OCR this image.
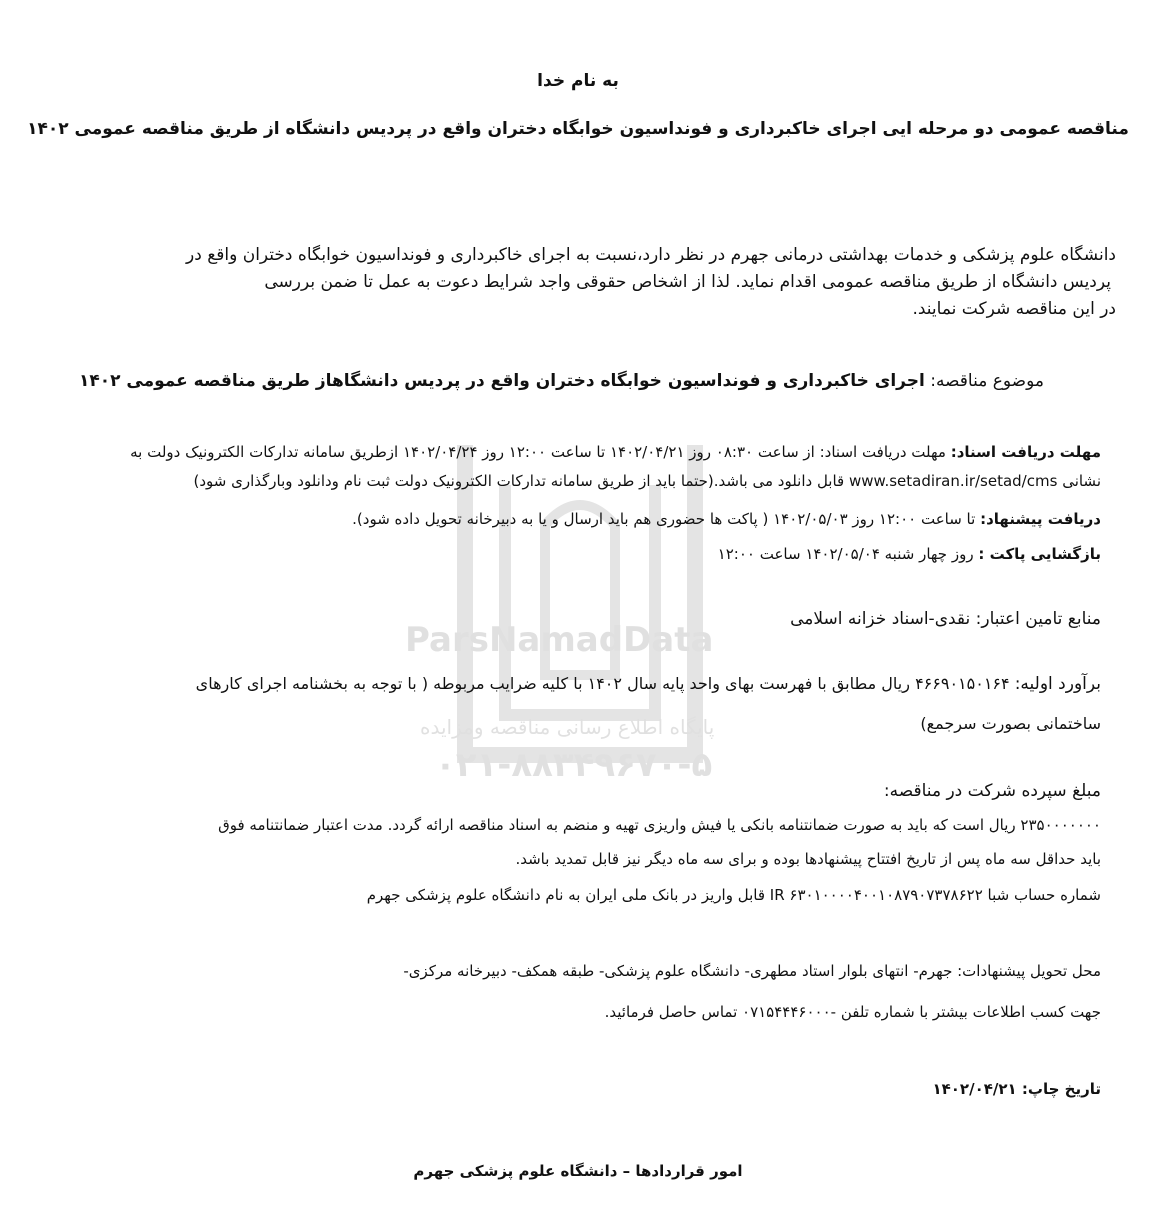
ParsNamadData
پایگاه اطلاع رسانی مناقصه ومزایده
۰۲۱-۸۸۳۴۹۶۷۰-۵
به نام خدا
مناقصه عمومی دو مرحله ایی اجرای خاکبرداری و فونداسیون خوابگاه دختران واقع در پردیس دانشگاه از طریق مناقصه عمومی ۱۴۰۲
دانشگاه علوم پزشکی و خدمات بهداشتی درمانی جهرم در نظر دارد،نسبت به اجرای خاکبرداری و فونداسیون خوابگاه دختران واقع در
پردیس دانشگاه از طریق مناقصه عمومی اقدام نماید. لذا از اشخاص حقوقی واجد شرایط دعوت به عمل تا ضمن بررسی
در این مناقصه شرکت نمایند.
موضوع مناقصه: اجرای خاکبرداری و فونداسیون خوابگاه دختران واقع در پردیس دانشگاهاز طریق مناقصه عمومی ۱۴۰۲
مهلت دریافت اسناد: مهلت دریافت اسناد: از ساعت ۰۸:۳۰ روز ۱۴۰۲/۰۴/۲۱ تا ساعت ۱۲:۰۰ روز ۱۴۰۲/۰۴/۲۴ ازطریق سامانه تدارکات الکترونیک دولت به
نشانی www.setadiran.ir/setad/cms قابل دانلود می باشد.(حتما باید از طریق سامانه تدارکات الکترونیک دولت ثبت نام ودانلود وبارگذاری شود)
دریافت پیشنهاد: تا ساعت ۱۲:۰۰ روز ۱۴۰۲/۰۵/۰۳ ( پاکت ها حضوری هم باید ارسال و یا به دبیرخانه تحویل داده شود).
بازگشایی پاکت : روز چهار شنبه ۱۴۰۲/۰۵/۰۴ ساعت ۱۲:۰۰
منابع تامین اعتبار: نقدی-اسناد خزانه اسلامی
برآورد اولیه: ۴۶۶۹۰۱۵۰۱۶۴ ریال مطابق با فهرست بهای واحد پایه سال ۱۴۰۲ با کلیه ضرایب مربوطه ( با توجه به بخشنامه اجرای کارهای
ساختمانی بصورت سرجمع)
مبلغ سپرده شرکت در مناقصه:
۲۳۵۰۰۰۰۰۰۰ ریال است که باید به صورت ضمانتنامه بانکی یا فیش واریزی تهیه و منضم به اسناد مناقصه ارائه گردد. مدت اعتبار ضمانتنامه فوق
باید حداقل سه ماه پس از تاریخ افتتاح پیشنهادها بوده و برای سه ماه دیگر نیز قابل تمدید باشد.
شماره حساب شبا IR ۶۳۰۱۰۰۰۰۴۰۰۱۰۸۷۹۰۷۳۷۸۶۲۲ قابل واریز در بانک ملی ایران به نام دانشگاه علوم پزشکی جهرم
محل تحویل پیشنهادات: جهرم- انتهای بلوار استاد مطهری- دانشگاه علوم پزشکی- طبقه همکف- دبیرخانه مرکزی-
جهت کسب اطلاعات بیشتر با شماره تلفن -۰۷۱۵۴۴۴۶۰۰۰ تماس حاصل فرمائید.
تاریخ چاپ: ۱۴۰۲/۰۴/۲۱
امور قراردادها – دانشگاه علوم پزشکی جهرم
